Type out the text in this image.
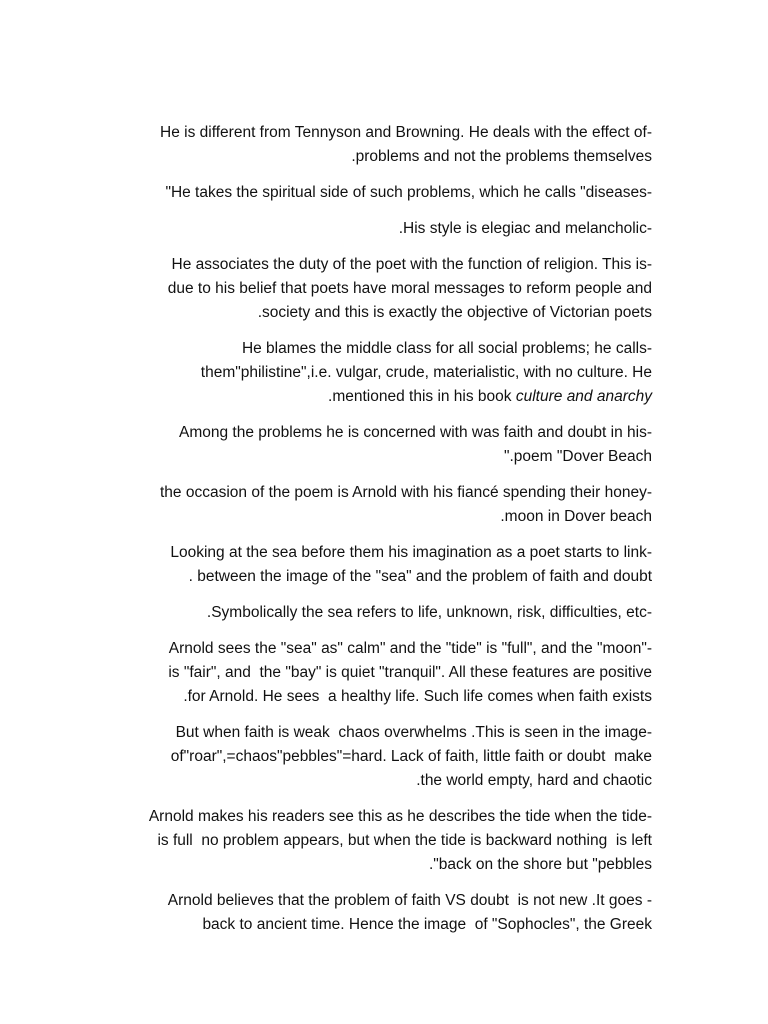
He is different from Tennyson and Browning. He deals with the effect of-
.problems and not the problems themselves
"He takes the spiritual side of such problems, which he calls "diseases-
.His style is elegiac and melancholic-
He associates the duty of the poet with the function of religion. This is-
due to his belief that poets have moral messages to reform people and
.society and this is exactly the objective of Victorian poets
He blames the middle class for all social problems; he calls-
them"philistine",i.e. vulgar, crude, materialistic, with no culture. He
.mentioned this in his book culture and anarchy
Among the problems he is concerned with was faith and doubt in his-
".poem "Dover Beach
the occasion of the poem is Arnold with his fiancé spending their honey-
.moon in Dover beach
Looking at the sea before them his imagination as a poet starts to link-
. between the image of the "sea" and the problem of faith and doubt
.Symbolically the sea refers to life, unknown, risk, difficulties, etc-
Arnold sees the "sea" as" calm" and the "tide" is "full", and the "moon"-
is "fair", and  the "bay" is quiet "tranquil". All these features are positive
.for Arnold. He sees  a healthy life. Such life comes when faith exists
But when faith is weak  chaos overwhelms .This is seen in the image-
of"roar",=chaos"pebbles"=hard. Lack of faith, little faith or doubt  make
.the world empty, hard and chaotic
Arnold makes his readers see this as he describes the tide when the tide-
is full  no problem appears, but when the tide is backward nothing  is left
."back on the shore but "pebbles
Arnold believes that the problem of faith VS doubt  is not new .It goes -
back to ancient time. Hence the image  of "Sophocles", the Greek
